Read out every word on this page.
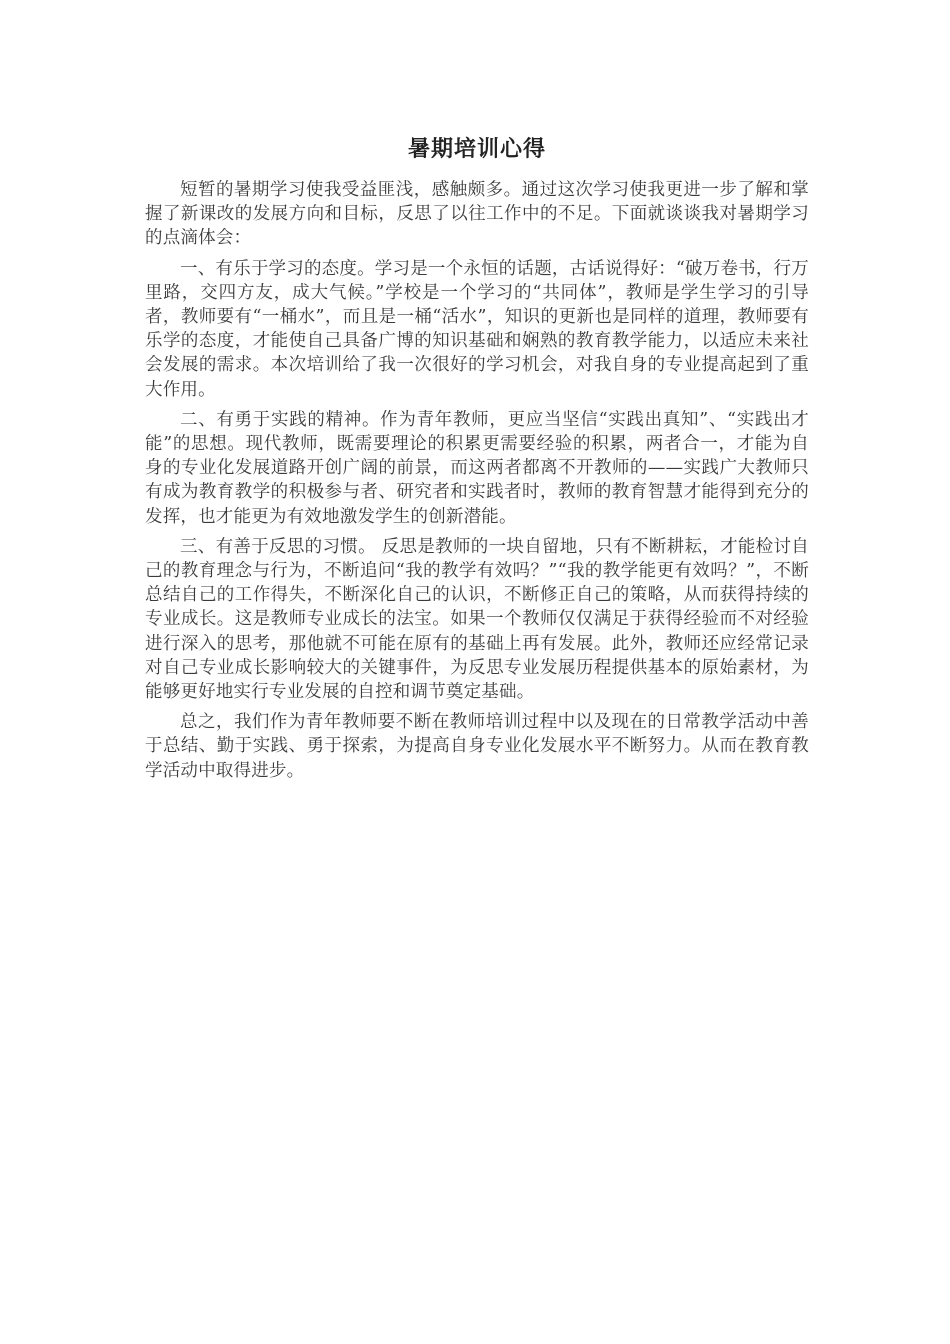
暑期培训心得

短暂的暑期学习使我受益匪浅，感触颇多。通过这次学习使我更进一步了解和掌握了新课改的发展方向和目标，反思了以往工作中的不足。下面就谈谈我对暑期学习的点滴体会：

一、有乐于学习的态度。学习是一个永恒的话题，古话说得好：“破万卷书，行万里路，交四方友，成大气候。”学校是一个学习的“共同体”，教师是学生学习的引导者，教师要有“一桶水”，而且是一桶“活水”，知识的更新也是同样的道理，教师要有乐学的态度，才能使自己具备广博的知识基础和娴熟的教育教学能力，以适应未来社会发展的需求。本次培训给了我一次很好的学习机会，对我自身的专业提高起到了重大作用。

二、有勇于实践的精神。作为青年教师，更应当坚信“实践出真知”、“实践出才能”的思想。现代教师，既需要理论的积累更需要经验的积累，两者合一，才能为自身的专业化发展道路开创广阔的前景，而这两者都离不开教师的——实践广大教师只有成为教育教学的积极参与者、研究者和实践者时，教师的教育智慧才能得到充分的发挥，也才能更为有效地激发学生的创新潜能。

三、有善于反思的习惯。 反思是教师的一块自留地，只有不断耕耘，才能检讨自己的教育理念与行为，不断追问“我的教学有效吗？”“我的教学能更有效吗？”，不断总结自己的工作得失，不断深化自己的认识，不断修正自己的策略，从而获得持续的专业成长。这是教师专业成长的法宝。如果一个教师仅仅满足于获得经验而不对经验进行深入的思考，那他就不可能在原有的基础上再有发展。此外，教师还应经常记录对自己专业成长影响较大的关键事件，为反思专业发展历程提供基本的原始素材，为能够更好地实行专业发展的自控和调节奠定基础。

总之，我们作为青年教师要不断在教师培训过程中以及现在的日常教学活动中善于总结、勤于实践、勇于探索，为提高自身专业化发展水平不断努力。从而在教育教学活动中取得进步。
